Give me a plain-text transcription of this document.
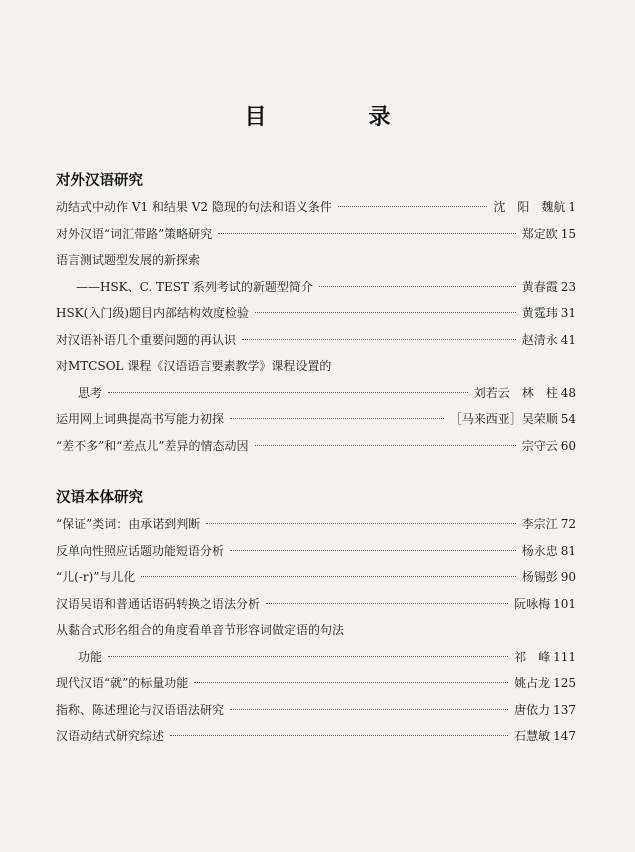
目　录
对外汉语研究
动结式中动作 V1 和结果 V2 隐现的句法和语义条件	沈　阳　魏航 1
对外汉语“词汇带路”策略研究	郑定欧 15
语言测试题型发展的新探索
——HSK、C. TEST 系列考试的新题型简介	黄春霞 23
HSK(入门级)题目内部结构效度检验	黄霆玮 31
对汉语补语几个重要问题的再认识	赵清永 41
对MTCSOL 课程《汉语语言要素教学》课程设置的
思考	刘若云　林　柱 48
运用网上词典提高书写能力初探	［马来西亚］吴荣顺 54
“差不多”和“差点儿”差异的情态动因	宗守云 60
汉语本体研究
“保证”类词：由承诺到判断	李宗江 72
反单向性照应话题功能短语分析	杨永忠 81
“儿(-r)”与儿化	杨锡彭 90
汉语吴语和普通话语码转换之语法分析	阮咏梅 101
从黏合式形名组合的角度看单音节形容词做定语的句法
功能	祁　峰 111
现代汉语“就”的标量功能	姚占龙 125
指称、陈述理论与汉语语法研究	唐依力 137
汉语动结式研究综述	石慧敏 147
